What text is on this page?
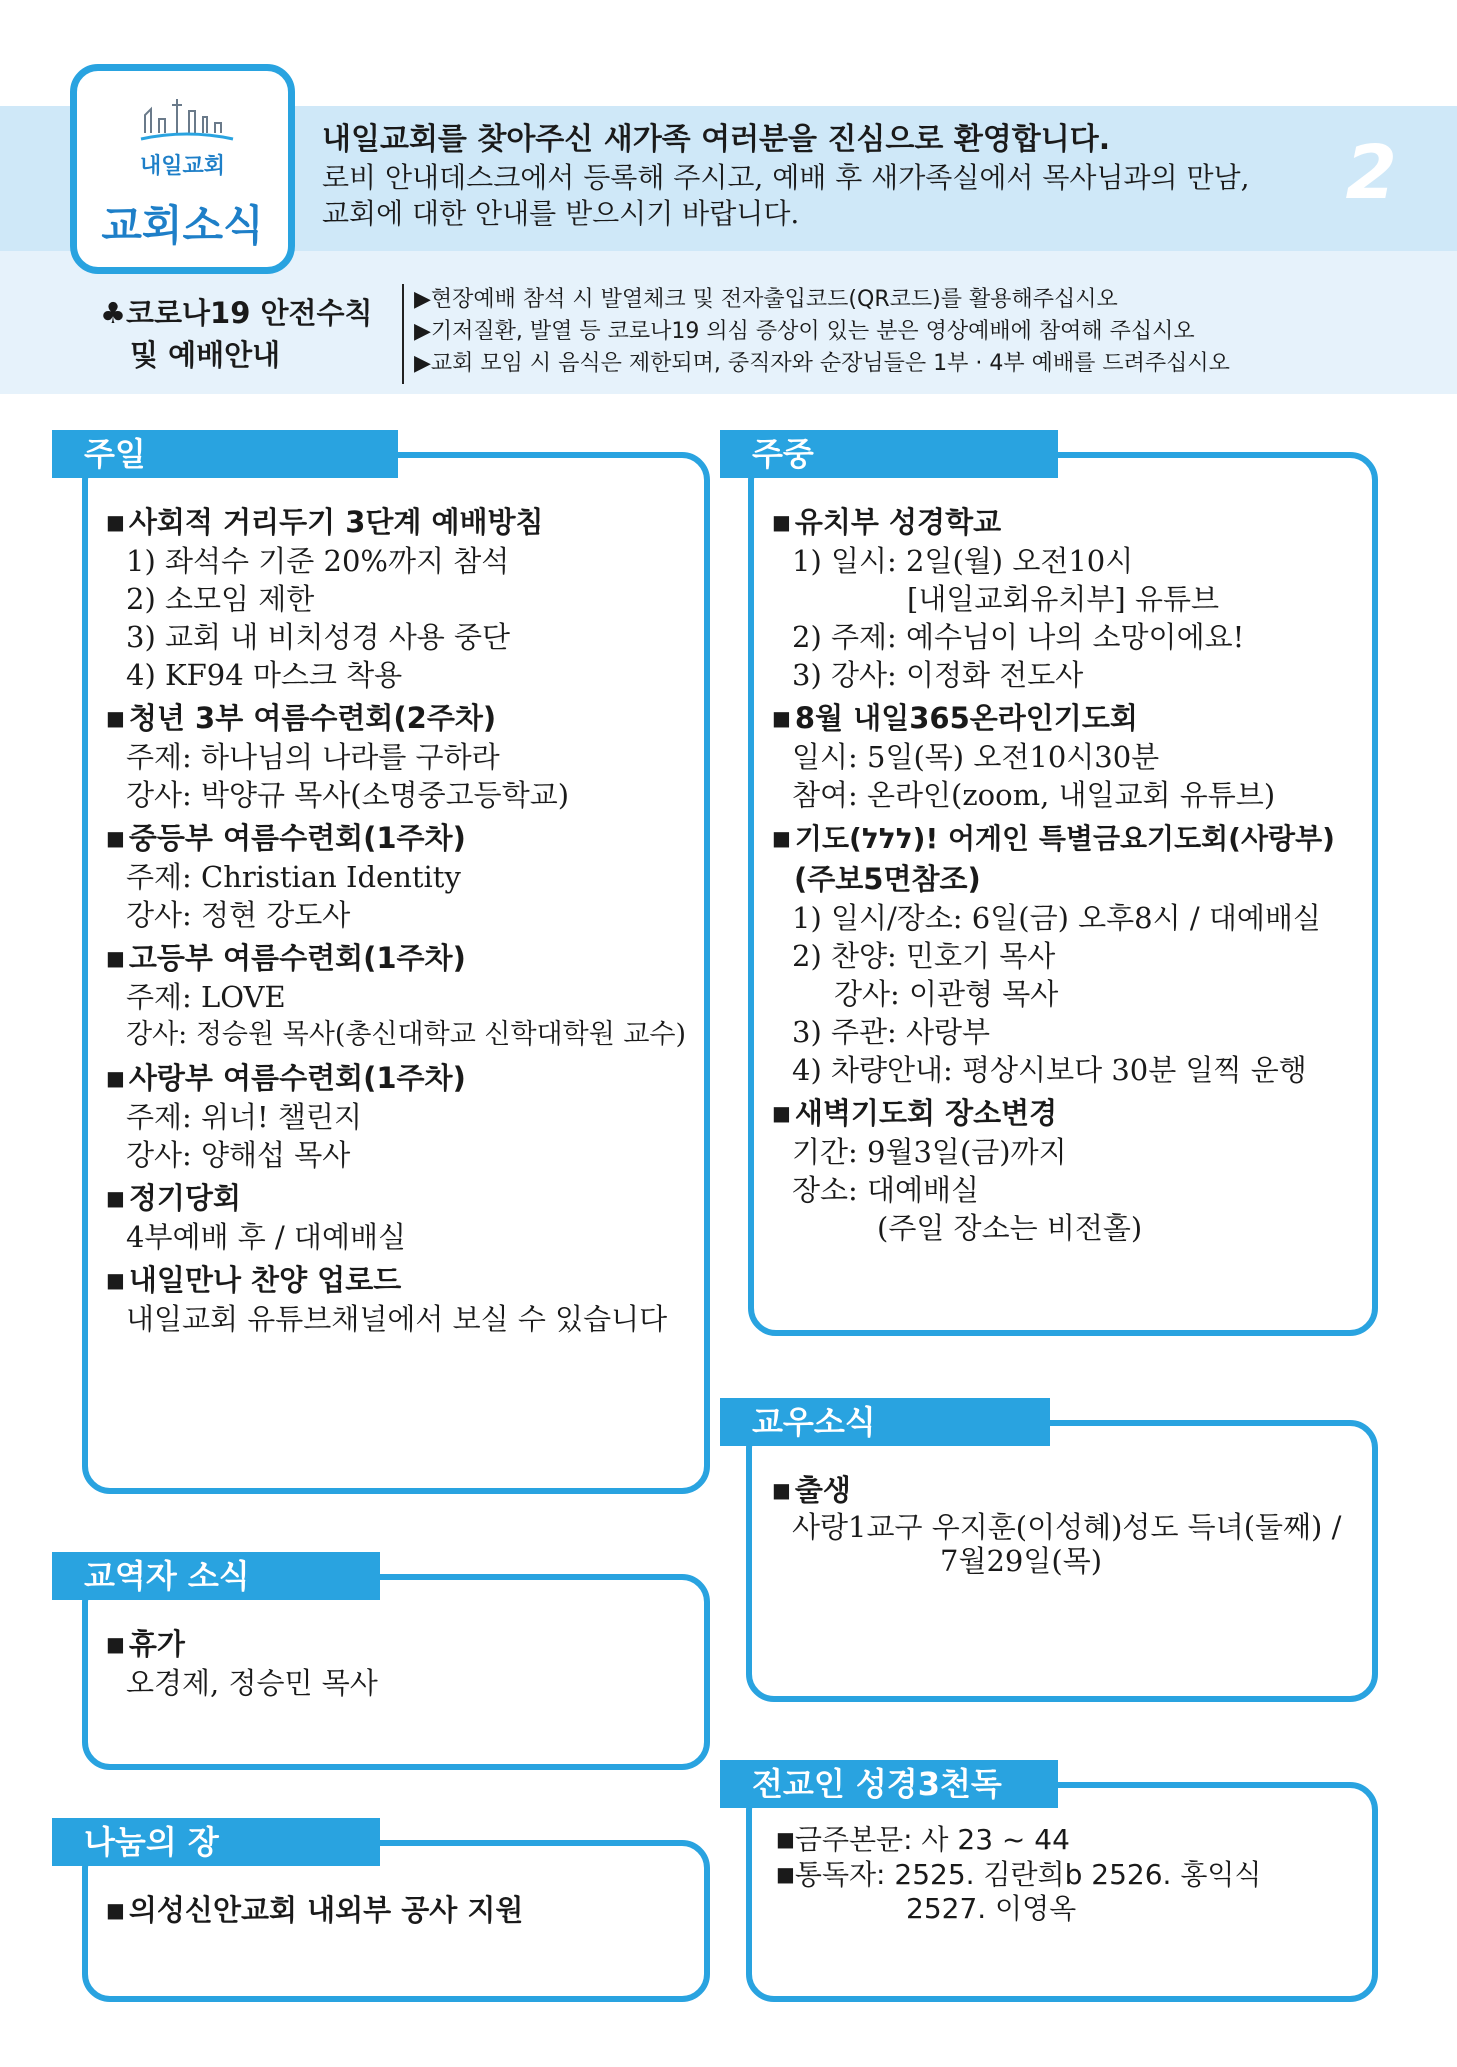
내일교회
교회소식
내일교회를 찾아주신 새가족 여러분을 진심으로 환영합니다.
로비 안내데스크에서 등록해 주시고, 예배 후 새가족실에서 목사님과의 만남,
교회에 대한 안내를 받으시기 바랍니다.	2
♣코로나19 안전수칙
및 예배안내
▶현장예배 참석 시 발열체크 및 전자출입코드(QR코드)를 활용해주십시오
▶기저질환, 발열 등 코로나19 의심 증상이 있는 분은 영상예배에 참여해 주십시오
▶교회 모임 시 음식은 제한되며, 중직자와 순장님들은 1부 · 4부 예배를 드려주십시오
주일
■ 사회적 거리두기 3단계 예배방침
1) 좌석수 기준 20%까지 참석
2) 소모임 제한
3) 교회 내 비치성경 사용 중단
4) KF94 마스크 착용
■ 청년 3부 여름수련회(2주차)
주제: 하나님의 나라를 구하라
강사: 박양규 목사(소명중고등학교)
■ 중등부 여름수련회(1주차)
주제: Christian Identity
강사: 정현 강도사
■ 고등부 여름수련회(1주차)
주제: LOVE
강사: 정승원 목사(총신대학교 신학대학원 교수)
■ 사랑부 여름수련회(1주차)
주제: 위너! 챌린지
강사: 양해섭 목사
■ 정기당회
4부예배 후 / 대예배실
■ 내일만나 찬양 업로드
내일교회 유튜브채널에서 보실 수 있습니다
주중
■ 유치부 성경학교
1) 일시: 2일(월) 오전10시
[내일교회유치부] 유튜브
2) 주제: 예수님이 나의 소망이에요!
3) 강사: 이정화 전도사
■ 8월 내일365온라인기도회
일시: 5일(목) 오전10시30분
참여: 온라인(zoom, 내일교회 유튜브)
■ 기도(ללל)! 어게인 특별금요기도회(사랑부)
(주보5면참조)
1) 일시/장소: 6일(금) 오후8시 / 대예배실
2) 찬양: 민호기 목사
강사: 이관형 목사
3) 주관: 사랑부
4) 차량안내: 평상시보다 30분 일찍 운행
■ 새벽기도회 장소변경
기간: 9월3일(금)까지
장소: 대예배실
(주일 장소는 비전홀)
교우소식
■ 출생
사랑1교구 우지훈(이성혜)성도 득녀(둘째) /
7월29일(목)
교역자 소식
■ 휴가
오경제, 정승민 목사
전교인 성경3천독
■금주본문: 사 23 ~ 44
■통독자: 2525. 김란희b 2526. 홍익식
2527. 이영옥
나눔의 장
■ 의성신안교회 내외부 공사 지원
